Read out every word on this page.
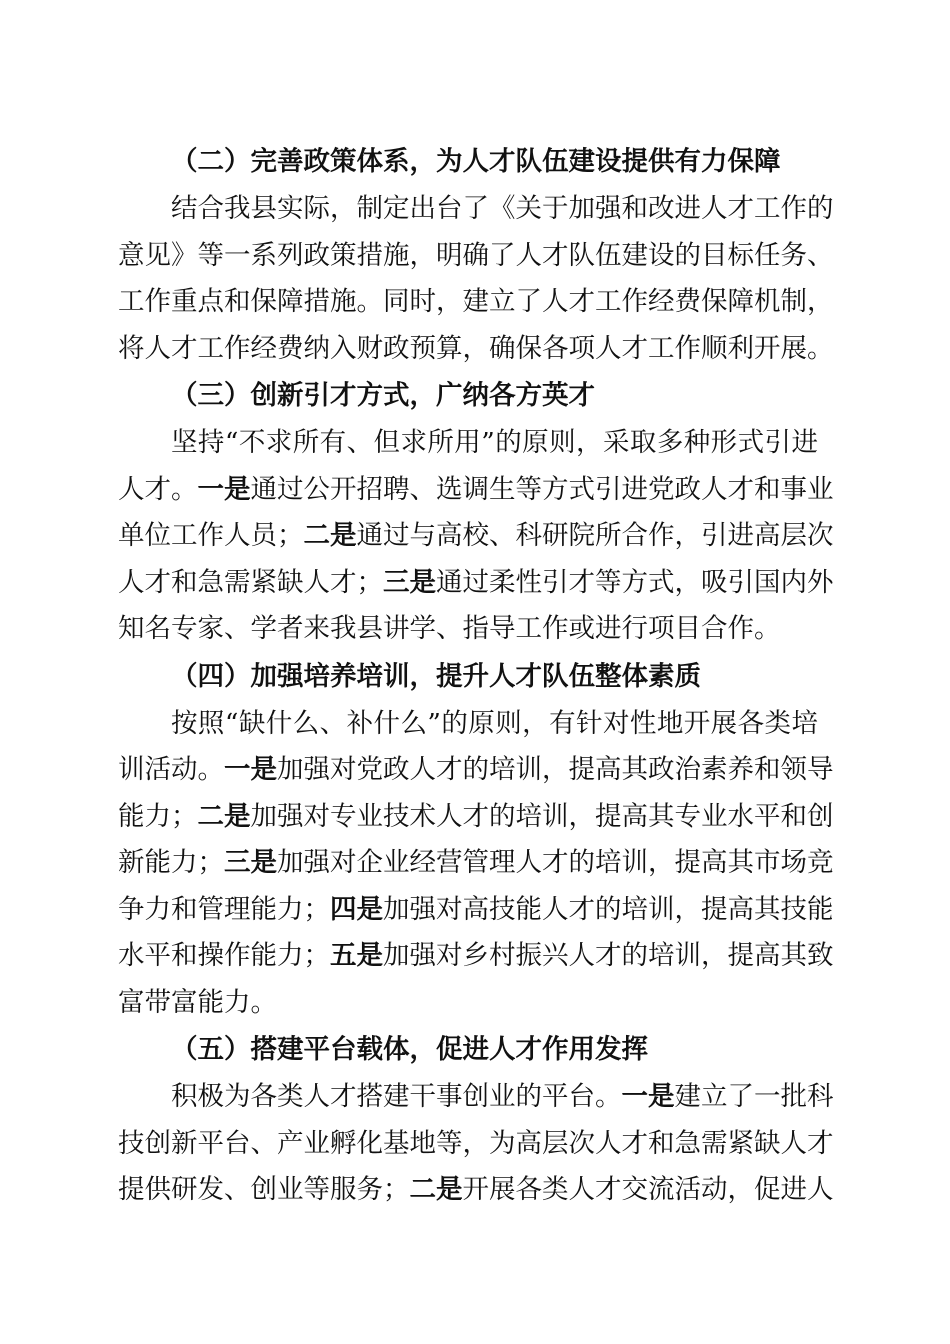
（二）完善政策体系，为人才队伍建设提供有力保障

结合我县实际，制定出台了《关于加强和改进人才工作的
意见》等一系列政策措施，明确了人才队伍建设的目标任务、
工作重点和保障措施。同时，建立了人才工作经费保障机制，
将人才工作经费纳入财政预算，确保各项人才工作顺利开展。

（三）创新引才方式，广纳各方英才

坚持“不求所有、但求所用”的原则，采取多种形式引进
人才。一是通过公开招聘、选调生等方式引进党政人才和事业
单位工作人员；二是通过与高校、科研院所合作，引进高层次
人才和急需紧缺人才；三是通过柔性引才等方式，吸引国内外
知名专家、学者来我县讲学、指导工作或进行项目合作。

（四）加强培养培训，提升人才队伍整体素质

按照“缺什么、补什么”的原则，有针对性地开展各类培
训活动。一是加强对党政人才的培训，提高其政治素养和领导
能力；二是加强对专业技术人才的培训，提高其专业水平和创
新能力；三是加强对企业经营管理人才的培训，提高其市场竞
争力和管理能力；四是加强对高技能人才的培训，提高其技能
水平和操作能力；五是加强对乡村振兴人才的培训，提高其致
富带富能力。

（五）搭建平台载体，促进人才作用发挥

积极为各类人才搭建干事创业的平台。一是建立了一批科
技创新平台、产业孵化基地等，为高层次人才和急需紧缺人才
提供研发、创业等服务；二是开展各类人才交流活动，促进人
